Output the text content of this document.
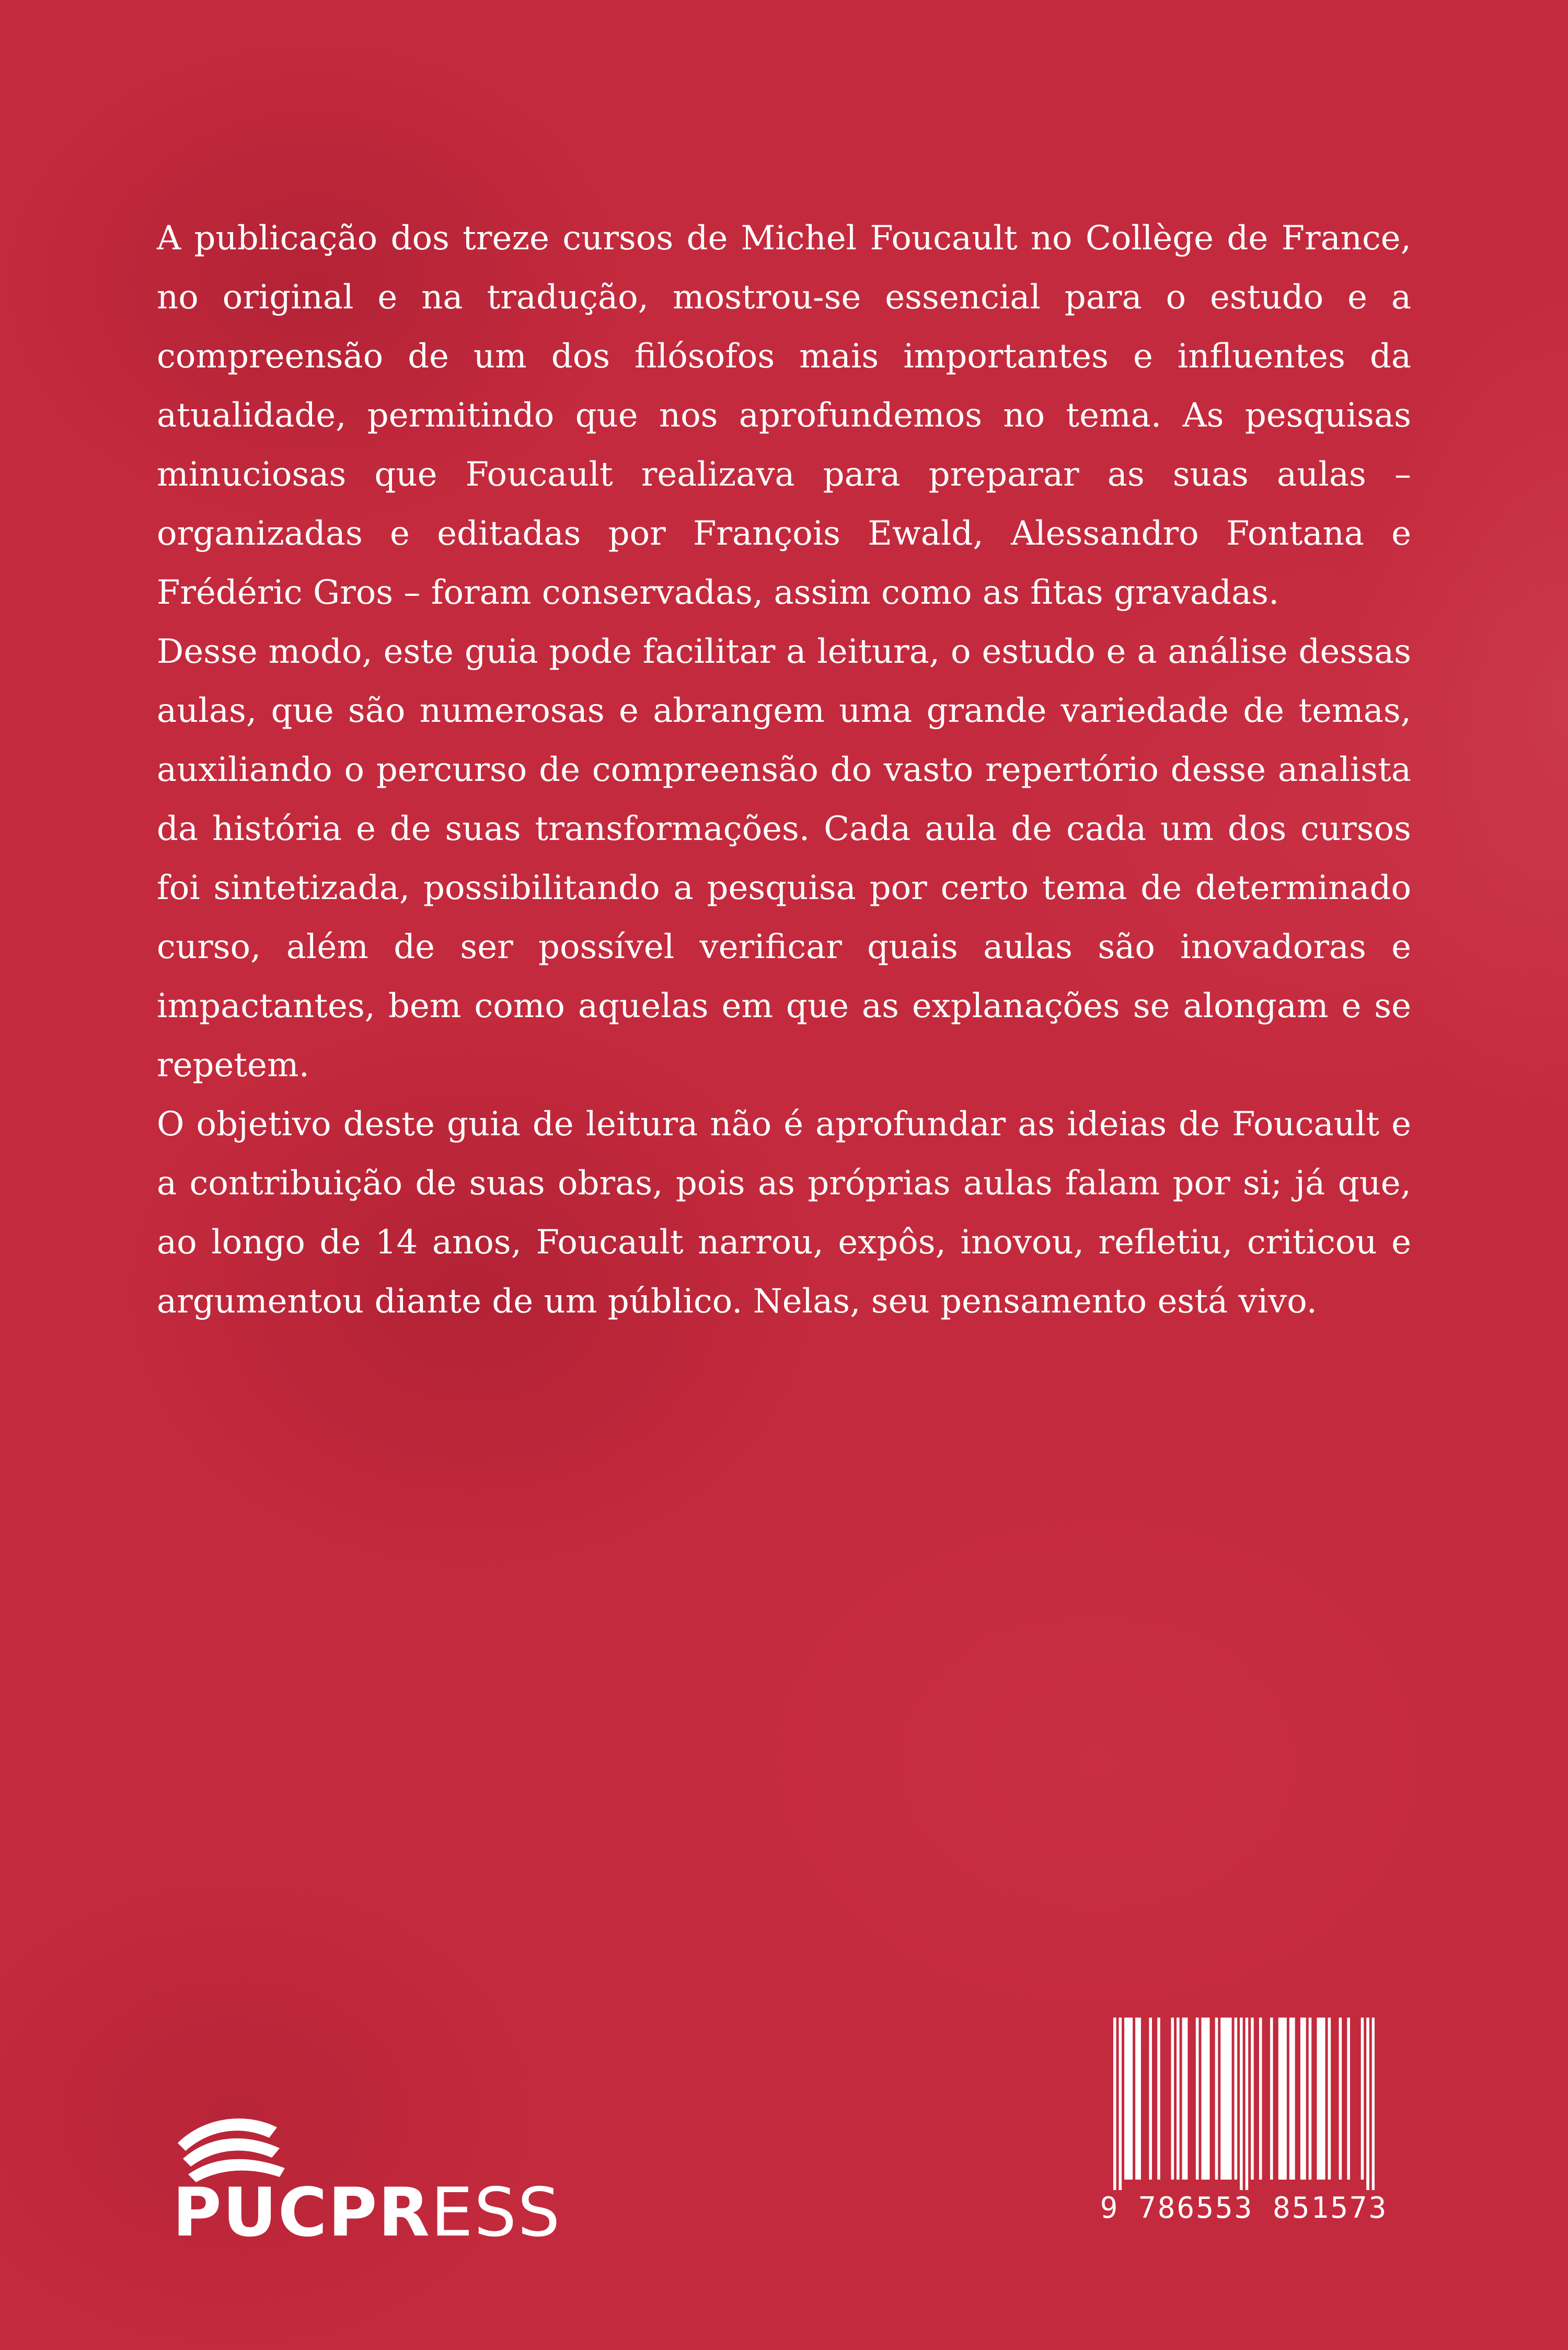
A publicação dos treze cursos de Michel Foucault no Collège de France, no original e na tradução, mostrou-se essencial para o estudo e a compreensão de um dos filósofos mais importantes e influentes da atualidade, permitindo que nos aprofundemos no tema. As pesquisas minuciosas que Foucault realizava para preparar as suas aulas – organizadas e editadas por François Ewald, Alessandro Fontana e Frédéric Gros – foram conservadas, assim como as fitas gravadas.

Desse modo, este guia pode facilitar a leitura, o estudo e a análise dessas aulas, que são numerosas e abrangem uma grande variedade de temas, auxiliando o percurso de compreensão do vasto repertório desse analista da história e de suas transformações. Cada aula de cada um dos cursos foi sintetizada, possibilitando a pesquisa por certo tema de determinado curso, além de ser possível verificar quais aulas são inovadoras e impactantes, bem como aquelas em que as explanações se alongam e se repetem.

O objetivo deste guia de leitura não é aprofundar as ideias de Foucault e a contribuição de suas obras, pois as próprias aulas falam por si; já que, ao longo de 14 anos, Foucault narrou, expôs, inovou, refletiu, criticou e argumentou diante de um público. Nelas, seu pensamento está vivo.

PUCPRESS	9 786553 851573
